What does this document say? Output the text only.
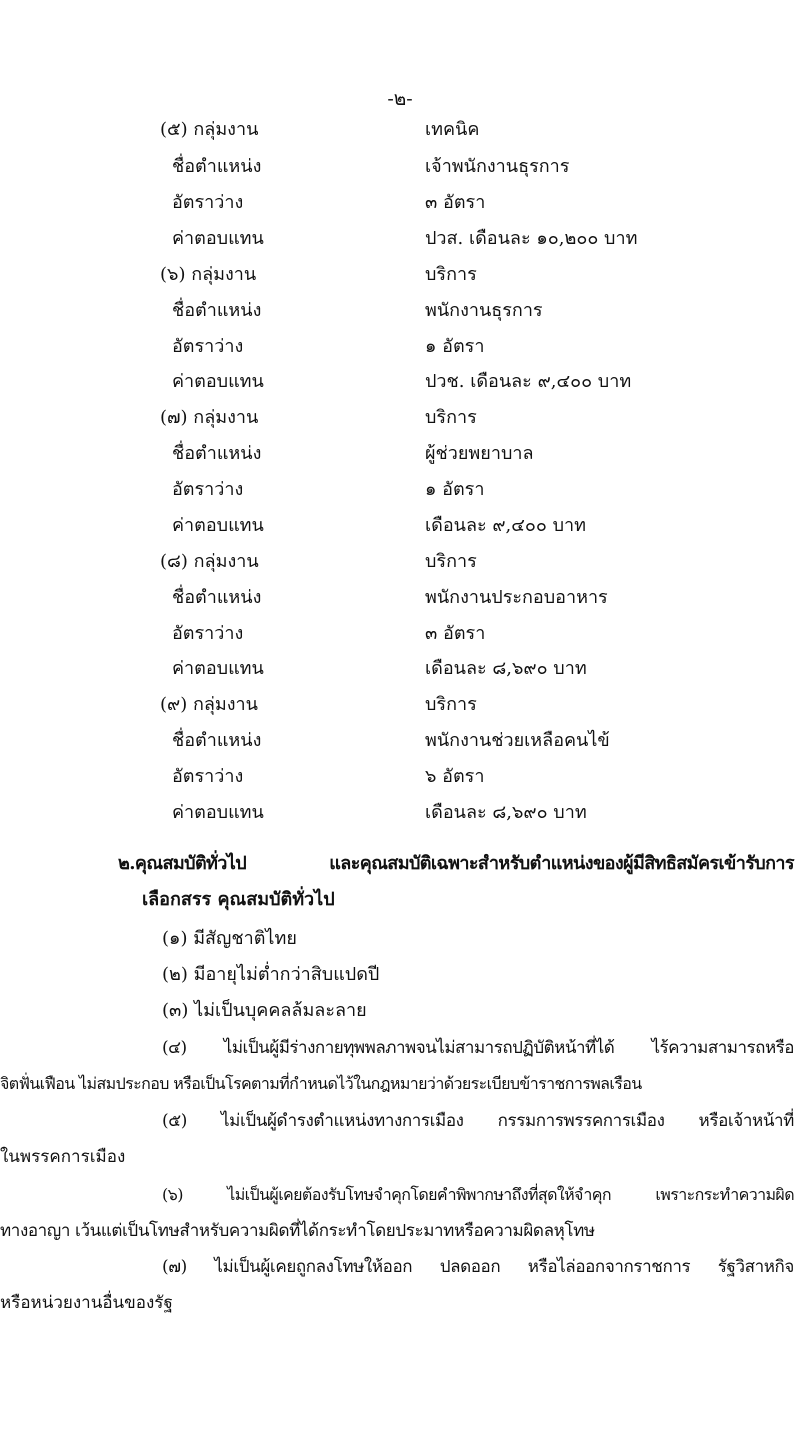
-๒-
(๕) กลุ่มงาน	เทคนิค
ชื่อตำแหน่ง	เจ้าพนักงานธุรการ
อัตราว่าง	๓ อัตรา
ค่าตอบแทน	ปวส. เดือนละ ๑๐,๒๐๐ บาท
(๖) กลุ่มงาน	บริการ
ชื่อตำแหน่ง	พนักงานธุรการ
อัตราว่าง	๑ อัตรา
ค่าตอบแทน	ปวช. เดือนละ ๙,๔๐๐ บาท
(๗) กลุ่มงาน	บริการ
ชื่อตำแหน่ง	ผู้ช่วยพยาบาล
อัตราว่าง	๑ อัตรา
ค่าตอบแทน	เดือนละ ๙,๔๐๐ บาท
(๘) กลุ่มงาน	บริการ
ชื่อตำแหน่ง	พนักงานประกอบอาหาร
อัตราว่าง	๓ อัตรา
ค่าตอบแทน	เดือนละ ๘,๖๙๐ บาท
(๙) กลุ่มงาน	บริการ
ชื่อตำแหน่ง	พนักงานช่วยเหลือคนไข้
อัตราว่าง	๖ อัตรา
ค่าตอบแทน	เดือนละ ๘,๖๙๐ บาท
๒.คุณสมบัติทั่วไป และคุณสมบัติเฉพาะสำหรับตำแหน่งของผู้มีสิทธิสมัครเข้ารับการ
เลือกสรร คุณสมบัติทั่วไป
(๑) มีสัญชาติไทย
(๒) มีอายุไม่ต่ำกว่าสิบแปดปี
(๓) ไม่เป็นบุคคลล้มละลาย
(๔) ไม่เป็นผู้มีร่างกายทุพพลภาพจนไม่สามารถปฏิบัติหน้าที่ได้ ไร้ความสามารถหรือ
จิตฟั่นเฟือน ไม่สมประกอบ หรือเป็นโรคตามที่กำหนดไว้ในกฎหมายว่าด้วยระเบียบข้าราชการพลเรือน
(๕) ไม่เป็นผู้ดำรงตำแหน่งทางการเมือง กรรมการพรรคการเมือง หรือเจ้าหน้าที่
ในพรรคการเมือง
(๖) ไม่เป็นผู้เคยต้องรับโทษจำคุกโดยคำพิพากษาถึงที่สุดให้จำคุก เพราะกระทำความผิด
ทางอาญา เว้นแต่เป็นโทษสำหรับความผิดที่ได้กระทำโดยประมาทหรือความผิดลหุโทษ
(๗) ไม่เป็นผู้เคยถูกลงโทษให้ออก ปลดออก หรือไล่ออกจากราชการ รัฐวิสาหกิจ
หรือหน่วยงานอื่นของรัฐ
